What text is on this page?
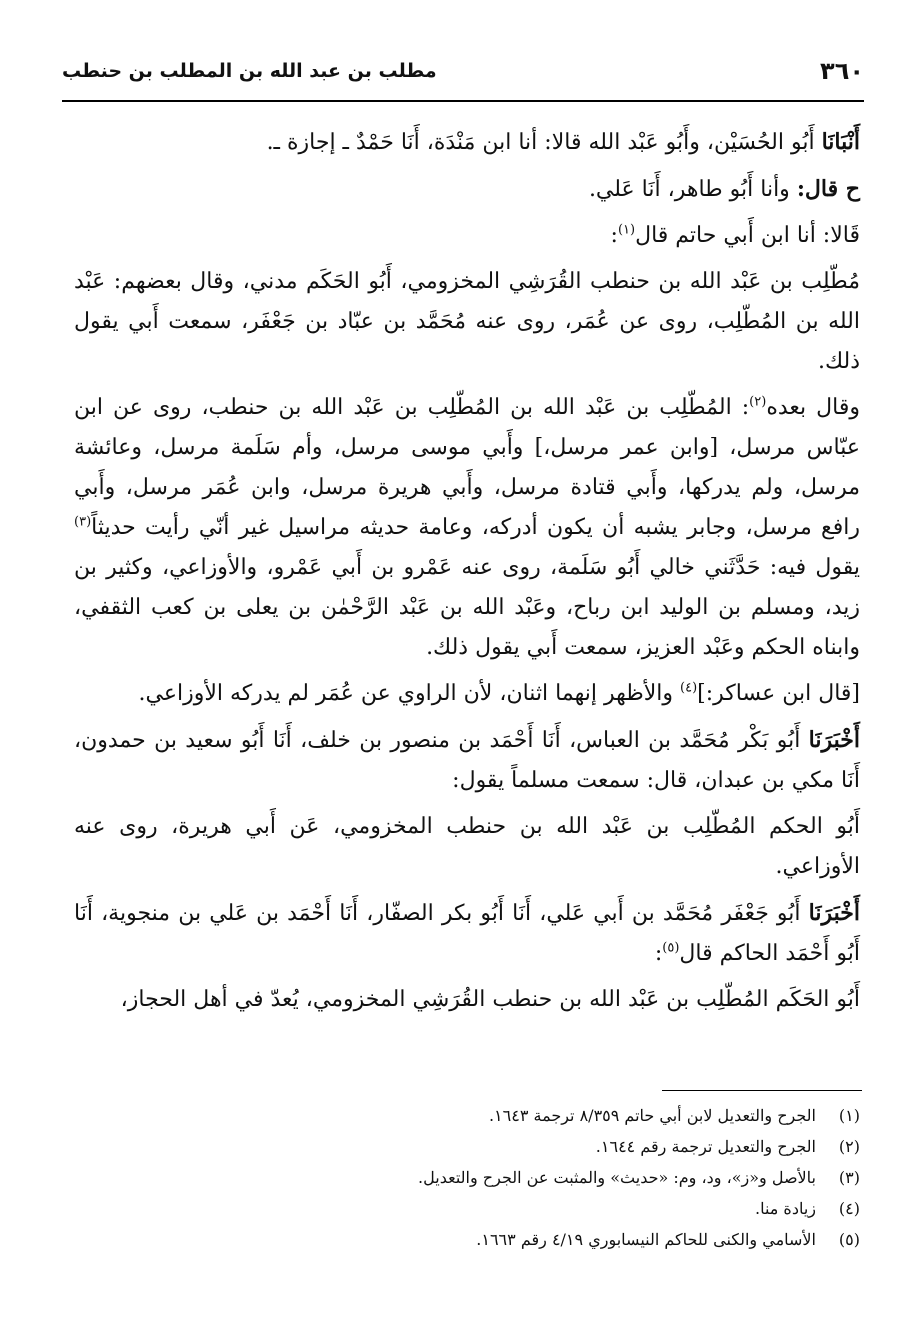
٣٦٠
مطلب بن عبد الله بن المطلب بن حنطب

أَنْبَانَا أَبُو الحُسَيْن، وأَبُو عَبْد الله قالا: أنا ابن مَنْدَة، أَنَا حَمْدٌ ـ إجازة ـ.

ح قال: وأنا أَبُو طاهر، أَنَا عَلي.

قَالا: أنا ابن أَبي حاتم قال$^{(١)}$:

مُطّلِب بن عَبْد الله بن حنطب القُرَشِي المخزومي، أَبُو الحَكَم مدني، وقال بعضهم: عَبْد الله بن المُطّلِب، روى عن عُمَر، روى عنه مُحَمَّد بن عبّاد بن جَعْفَر، سمعت أَبي يقول ذلك.

وقال بعده$^{(٢)}$: المُطّلِب بن عَبْد الله بن المُطّلِب بن عَبْد الله بن حنطب، روى عن ابن عبّاس مرسل، [وابن عمر مرسل،] وأَبي موسى مرسل، وأم سَلَمة مرسل، وعائشة مرسل، ولم يدركها، وأَبي قتادة مرسل، وأَبي هريرة مرسل، وابن عُمَر مرسل، وأَبي رافع مرسل، وجابر يشبه أن يكون أدركه، وعامة حديثه مراسيل غير أنّي رأيت حديثاً$^{(٣)}$ يقول فيه: حَدَّثَني خالي أَبُو سَلَمة، روى عنه عَمْرو بن أَبي عَمْرو، والأوزاعي، وكثير بن زيد، ومسلم بن الوليد ابن رباح، وعَبْد الله بن عَبْد الرَّحْمٰن بن يعلى بن كعب الثقفي، وابناه الحكم وعَبْد العزيز، سمعت أَبي يقول ذلك.

[قال ابن عساكر:]$^{(٤)}$ والأظهر إنهما اثنان، لأن الراوي عن عُمَر لم يدركه الأوزاعي.

أَخْبَرَنَا أَبُو بَكْر مُحَمَّد بن العباس، أَنَا أَحْمَد بن منصور بن خلف، أَنَا أَبُو سعيد بن حمدون، أَنَا مكي بن عبدان، قال: سمعت مسلماً يقول:

أَبُو الحكم المُطّلِب بن عَبْد الله بن حنطب المخزومي، عَن أَبي هريرة، روى عنه الأوزاعي.

أَخْبَرَنَا أَبُو جَعْفَر مُحَمَّد بن أَبي عَلي، أَنَا أَبُو بكر الصفّار، أَنَا أَحْمَد بن عَلي بن منجوية، أَنَا أَبُو أَحْمَد الحاكم قال$^{(٥)}$:

أَبُو الحَكَم المُطّلِب بن عَبْد الله بن حنطب القُرَشِي المخزومي، يُعدّ في أهل الحجاز،

(١)
الجرح والتعديل لابن أبي حاتم ٨/٣٥٩ ترجمة ١٦٤٣.
(٢)
الجرح والتعديل ترجمة رقم ١٦٤٤.
(٣)
بالأصل و«ز»، ود، وم: «حديث» والمثبت عن الجرح والتعديل.
(٤)
زيادة منا.
(٥)
الأسامي والكنى للحاكم النيسابوري ٤/١٩ رقم ١٦٦٣.
